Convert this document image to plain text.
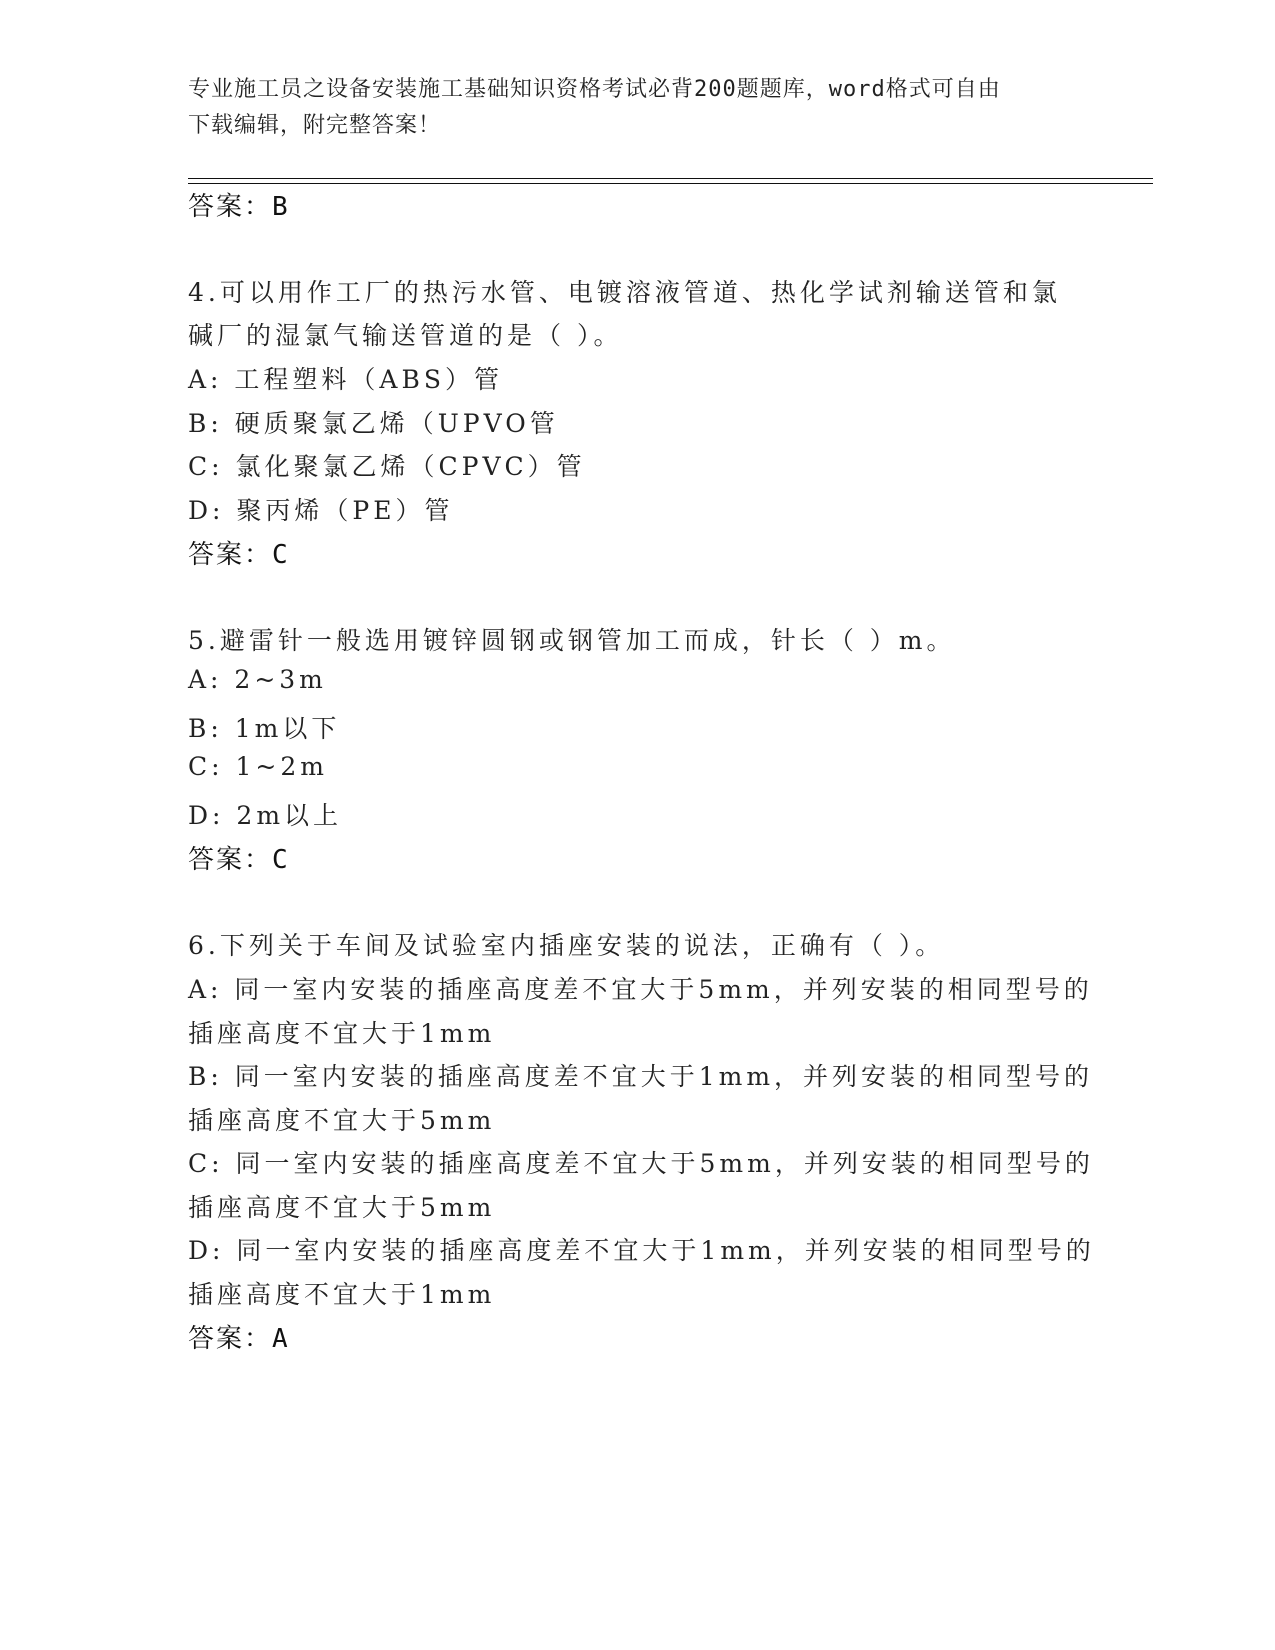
专业施工员之设备安装施工基础知识资格考试必背200题题库，word格式可自由
下载编辑，附完整答案！
答案：B
4.可以用作工厂的热污水管、电镀溶液管道、热化学试剂输送管和氯
碱厂的湿氯气输送管道的是（ ）。
A: 工程塑料（ABS）管
B: 硬质聚氯乙烯（UPVO管
C: 氯化聚氯乙烯（CPVC）管
D: 聚丙烯（PE）管
答案：C
5.避雷针一般选用镀锌圆钢或钢管加工而成，针长（ ）m。
A: 2~3m
B: 1m以下
C: 1~2m
D: 2m以上
答案：C
6.下列关于车间及试验室内插座安装的说法，正确有（ ）。
A: 同一室内安装的插座高度差不宜大于5mm，并列安装的相同型号的
插座高度不宜大于1mm
B: 同一室内安装的插座高度差不宜大于1mm，并列安装的相同型号的
插座高度不宜大于5mm
C: 同一室内安装的插座高度差不宜大于5mm，并列安装的相同型号的
插座高度不宜大于5mm
D: 同一室内安装的插座高度差不宜大于1mm，并列安装的相同型号的
插座高度不宜大于1mm
答案：A
